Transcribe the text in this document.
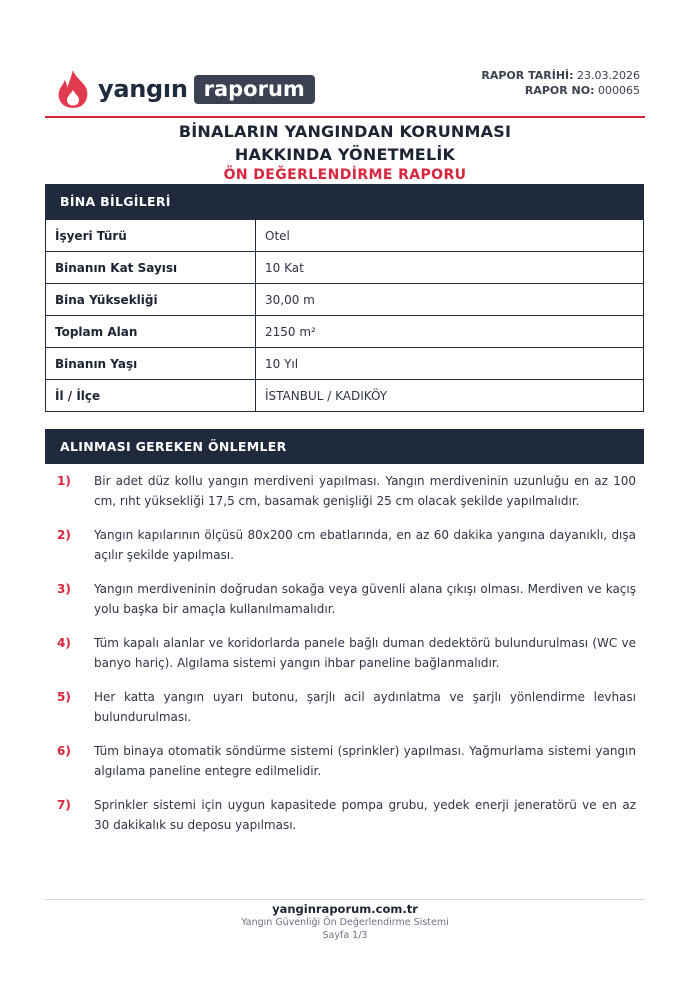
yangın raporum
RAPOR TARİHİ: 23.03.2026
RAPOR NO: 000065
BİNALARIN YANGINDAN KORUNMASI
HAKKINDA YÖNETMELİK
ÖN DEĞERLENDİRME RAPORU
BİNA BİLGİLERİ
İşyeri Türü	Otel
Binanın Kat Sayısı	10 Kat
Bina Yüksekliği	30,00 m
Toplam Alan	2150 m²
Binanın Yaşı	10 Yıl
İl / İlçe	İSTANBUL / KADIKÖY
ALINMASI GEREKEN ÖNLEMLER
1)	Bir adet düz kollu yangın merdiveni yapılması. Yangın merdiveninin uzunluğu en az 100 cm, rıht yüksekliği 17,5 cm, basamak genişliği 25 cm olacak şekilde yapılmalıdır.
2)	Yangın kapılarının ölçüsü 80x200 cm ebatlarında, en az 60 dakika yangına dayanıklı, dışa açılır şekilde yapılması.
3)	Yangın merdiveninin doğrudan sokağa veya güvenli alana çıkışı olması. Merdiven ve kaçış yolu başka bir amaçla kullanılmamalıdır.
4)	Tüm kapalı alanlar ve koridorlarda panele bağlı duman dedektörü bulundurulması (WC ve banyo hariç). Algılama sistemi yangın ihbar paneline bağlanmalıdır.
5)	Her katta yangın uyarı butonu, şarjlı acil aydınlatma ve şarjlı yönlendirme levhası bulundurulması.
6)	Tüm binaya otomatik söndürme sistemi (sprinkler) yapılması. Yağmurlama sistemi yangın algılama paneline entegre edilmelidir.
7)	Sprinkler sistemi için uygun kapasitede pompa grubu, yedek enerji jeneratörü ve en az 30 dakikalık su deposu yapılması.
yanginraporum.com.tr
Yangın Güvenliği Ön Değerlendirme Sistemi
Sayfa 1/3
